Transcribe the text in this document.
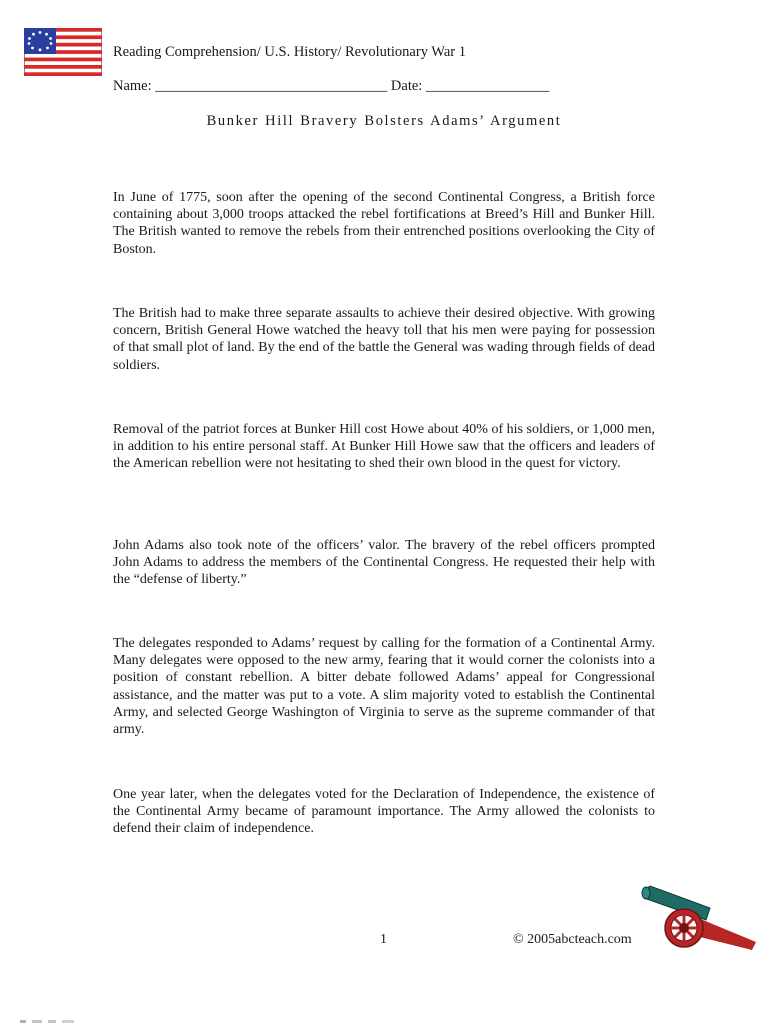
Reading Comprehension/ U.S. History/ Revolutionary War 1
Name: ________________________________ Date: _________________
Bunker Hill Bravery Bolsters Adams’ Argument

In June of 1775, soon after the opening of the second Continental Congress, a British force containing about 3,000 troops attacked the rebel fortifications at Breed’s Hill and Bunker Hill. The British wanted to remove the rebels from their entrenched positions overlooking the City of Boston.

The British had to make three separate assaults to achieve their desired objective. With growing concern, British General Howe watched the heavy toll that his men were paying for possession of that small plot of land. By the end of the battle the General was wading through fields of dead soldiers.

Removal of the patriot forces at Bunker Hill cost Howe about 40% of his soldiers, or 1,000 men, in addition to his entire personal staff. At Bunker Hill Howe saw that the officers and leaders of the American rebellion were not hesitating to shed their own blood in the quest for victory.

John Adams also took note of the officers’ valor. The bravery of the rebel officers prompted John Adams to address the members of the Continental Congress. He requested their help with the “defense of liberty.”

The delegates responded to Adams’ request by calling for the formation of a Continental Army. Many delegates were opposed to the new army, fearing that it would corner the colonists into a position of constant rebellion. A bitter debate followed Adams’ appeal for Congressional assistance, and the matter was put to a vote. A slim majority voted to establish the Continental Army, and selected George Washington of Virginia to serve as the supreme commander of that army.

One year later, when the delegates voted for the Declaration of Independence, the existence of the Continental Army became of paramount importance. The Army allowed the colonists to defend their claim of independence.

1	© 2005abcteach.com
